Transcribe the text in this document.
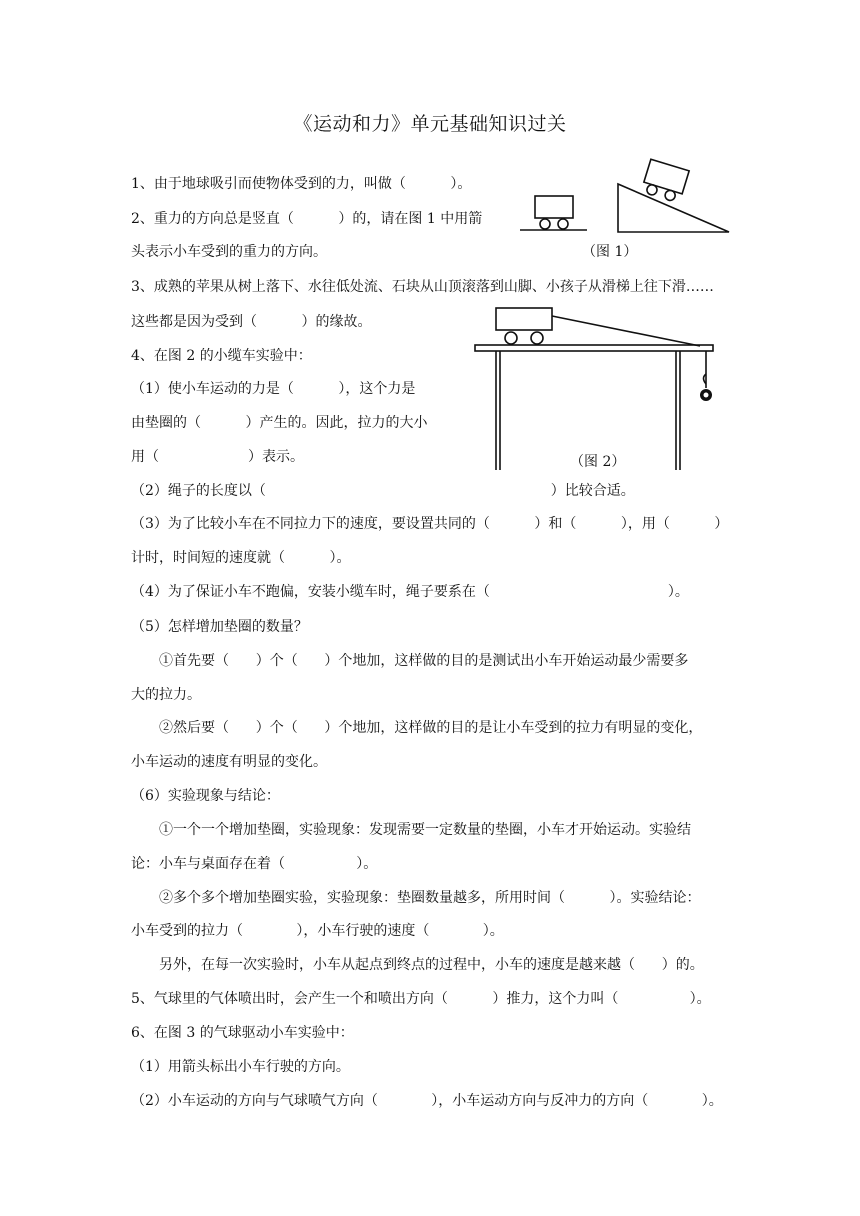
《运动和力》单元基础知识过关
（图 1）
（图 2）
1、由于地球吸引而使物体受到的力，叫做（          ）。
2、重力的方向总是竖直（          ）的，请在图 1 中用箭
头表示小车受到的重力的方向。
3、成熟的苹果从树上落下、水往低处流、石块从山顶滚落到山脚、小孩子从滑梯上往下滑……
这些都是因为受到（          ）的缘故。
4、在图 2 的小缆车实验中：
（1）使小车运动的力是（          ），这个力是
由垫圈的（          ）产生的。因此，拉力的大小
用（                    ）表示。
（2）绳子的长度以（                                                                ）比较合适。
（3）为了比较小车在不同拉力下的速度，要设置共同的（          ）和（          ），用（          ）
计时，时间短的速度就（          ）。
（4）为了保证小车不跑偏，安装小缆车时，绳子要系在（                                        ）。
（5）怎样增加垫圈的数量？
①首先要（      ）个（      ）个地加，这样做的目的是测试出小车开始运动最少需要多
大的拉力。
②然后要（      ）个（      ）个地加，这样做的目的是让小车受到的拉力有明显的变化，
小车运动的速度有明显的变化。
（6）实验现象与结论：
①一个一个增加垫圈，实验现象：发现需要一定数量的垫圈，小车才开始运动。实验结
论：小车与桌面存在着（                ）。
②多个多个增加垫圈实验，实验现象：垫圈数量越多，所用时间（          ）。实验结论：
小车受到的拉力（            ），小车行驶的速度（            ）。
另外，在每一次实验时，小车从起点到终点的过程中，小车的速度是越来越（      ）的。
5、气球里的气体喷出时，会产生一个和喷出方向（          ）推力，这个力叫（                ）。
6、在图 3 的气球驱动小车实验中：
（1）用箭头标出小车行驶的方向。
（2）小车运动的方向与气球喷气方向（            ），小车运动方向与反冲力的方向（            ）。
